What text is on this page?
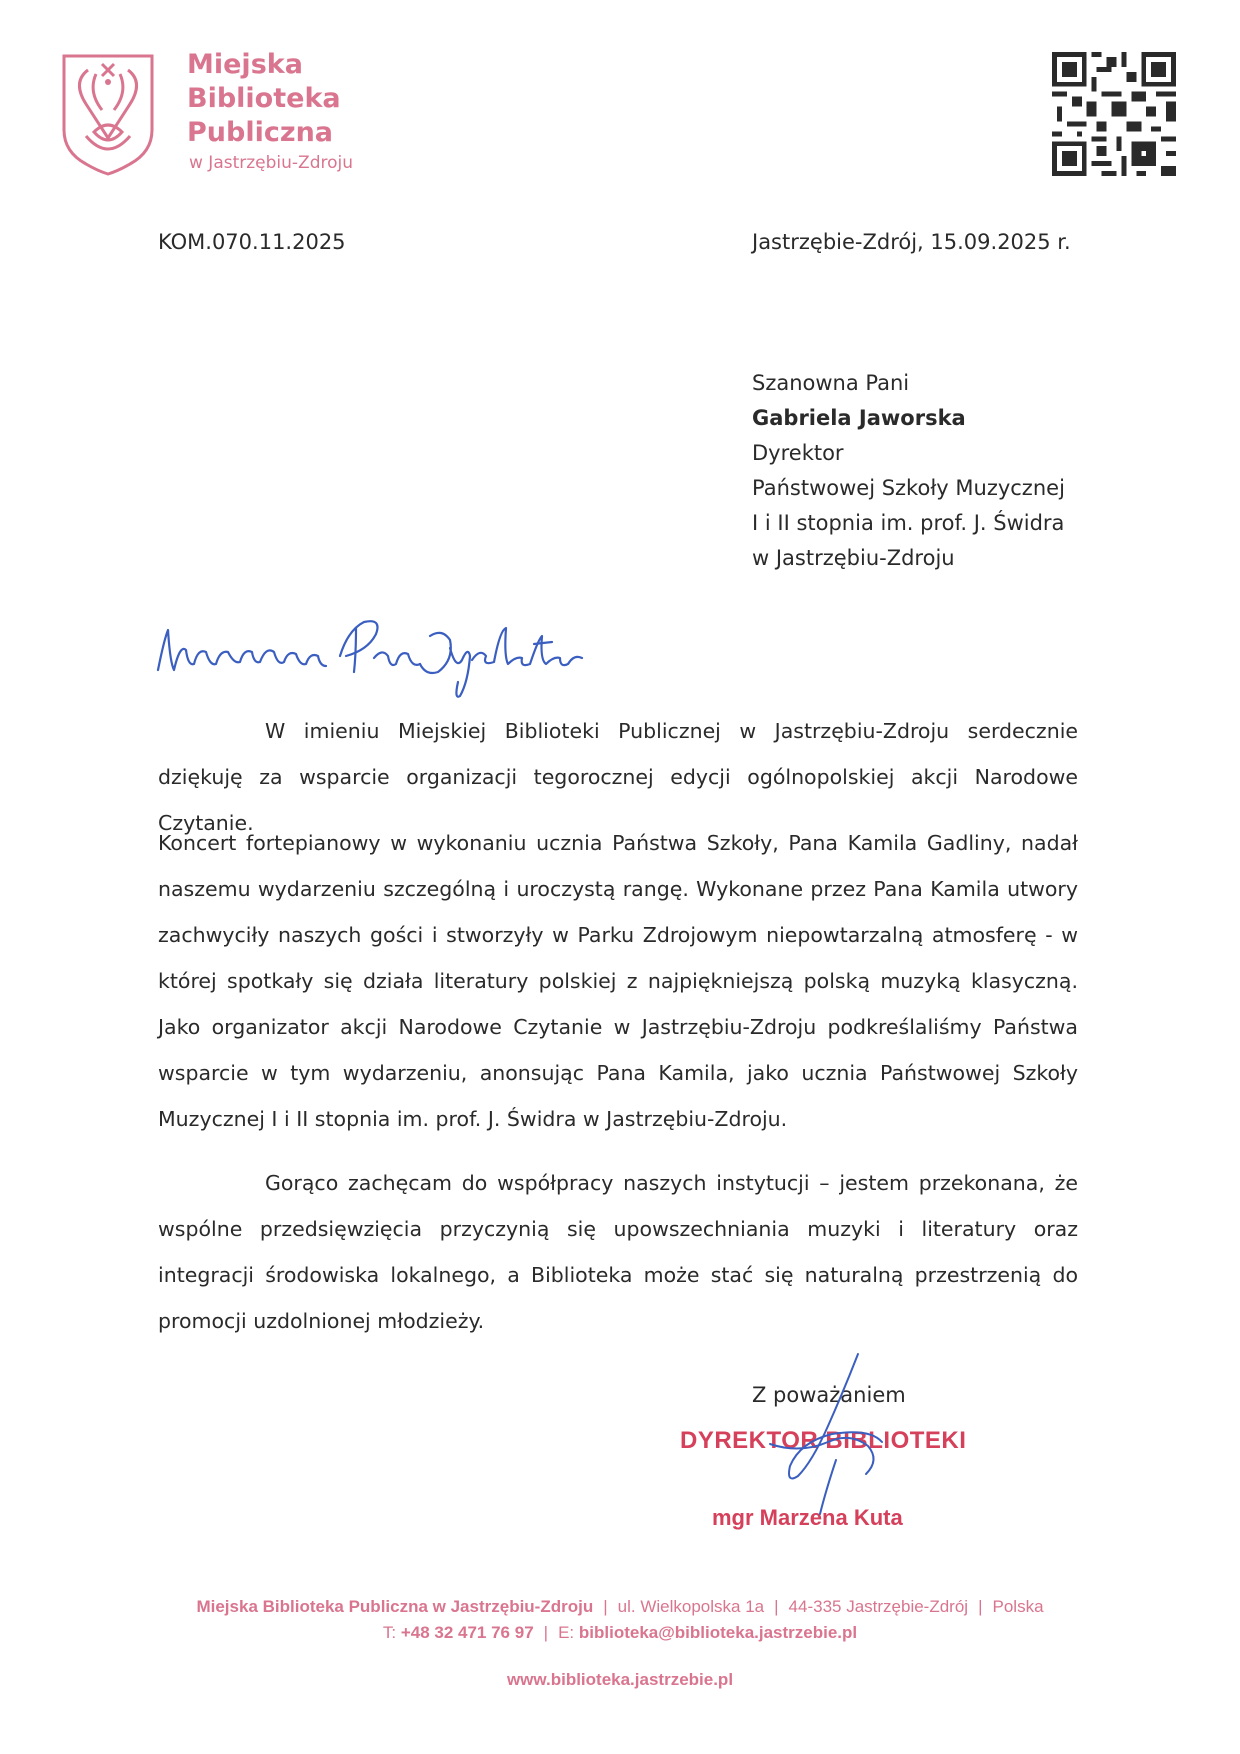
Miejska
Biblioteka
Publiczna
w Jastrzębiu-Zdroju
KOM.070.11.2025	Jastrzębie-Zdrój, 15.09.2025 r.
Szanowna Pani
Gabriela Jaworska
Dyrektor
Państwowej Szkoły Muzycznej
I i II stopnia im. prof. J. Świdra
w Jastrzębiu-Zdroju
W imieniu Miejskiej Biblioteki Publicznej w Jastrzębiu-Zdroju serdecznie dziękuję za wsparcie organizacji tegorocznej edycji ogólnopolskiej akcji Narodowe Czytanie.
Koncert fortepianowy w wykonaniu ucznia Państwa Szkoły, Pana Kamila Gadliny, nadał naszemu wydarzeniu szczególną i uroczystą rangę. Wykonane przez Pana Kamila utwory zachwyciły naszych gości i stworzyły w Parku Zdrojowym niepowtarzalną atmosferę - w której spotkały się działa literatury polskiej z najpiękniejszą polską muzyką klasyczną. Jako organizator akcji Narodowe Czytanie w Jastrzębiu-Zdroju podkreślaliśmy Państwa wsparcie w tym wydarzeniu, anonsując Pana Kamila, jako ucznia Państwowej Szkoły Muzycznej I i II stopnia im. prof. J. Świdra w Jastrzębiu-Zdroju.
Gorąco zachęcam do współpracy naszych instytucji – jestem przekonana, że wspólne przedsięwzięcia przyczynią się upowszechniania muzyki i literatury oraz integracji środowiska lokalnego, a Biblioteka może stać się naturalną przestrzenią do promocji uzdolnionej młodzieży.
Z poważaniem
DYREKTOR BIBLIOTEKI
mgr Marzena Kuta
Miejska Biblioteka Publiczna w Jastrzębiu-Zdroju | ul. Wielkopolska 1a | 44-335 Jastrzębie-Zdrój | Polska
T: +48 32 471 76 97 | E: biblioteka@biblioteka.jastrzebie.pl
www.biblioteka.jastrzebie.pl
